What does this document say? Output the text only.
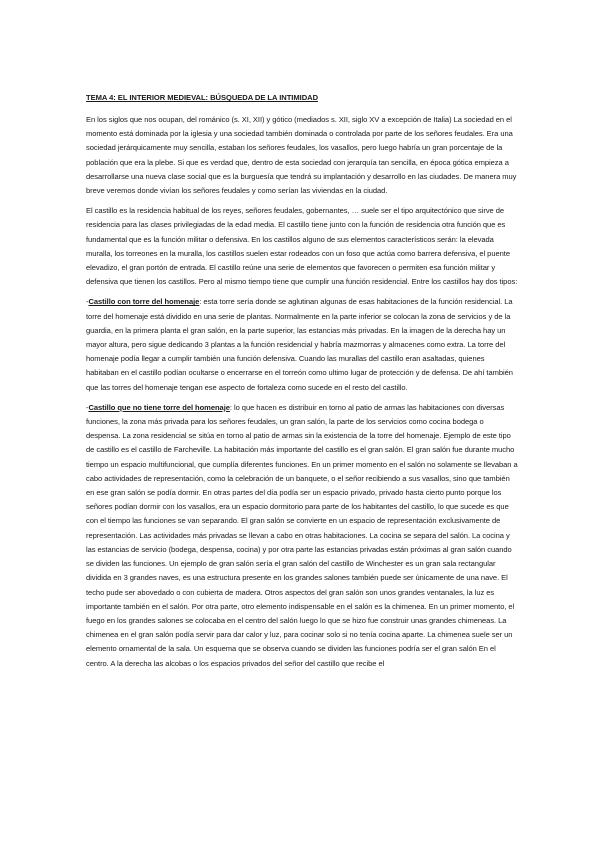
TEMA 4: EL INTERIOR MEDIEVAL: BÚSQUEDA DE LA INTIMIDAD

En los siglos que nos ocupan, del románico (s. XI, XII) y gótico (mediados s. XII, siglo XV a excepción de Italia) La sociedad en el momento está dominada por la iglesia y una sociedad también dominada o controlada por parte de los señores feudales. Era una sociedad jerárquicamente muy sencilla, estaban los señores feudales, los vasallos, pero luego habría un gran porcentaje de la población que era la plebe. Si que es verdad que, dentro de esta sociedad con jerarquía tan sencilla, en época gótica empieza a desarrollarse una nueva clase social que es la burguesía que tendrá su implantación y desarrollo en las ciudades. De manera muy breve veremos donde vivían los señores feudales y como serían las viviendas en la ciudad.

El castillo es la residencia habitual de los reyes, señores feudales, gobernantes, … suele ser el tipo arquitectónico que sirve de residencia para las clases privilegiadas de la edad media. El castillo tiene junto con la función de residencia otra función que es fundamental que es la función militar o defensiva. En los castillos alguno de sus elementos característicos serán: la elevada muralla, los torreones en la muralla, los castillos suelen estar rodeados con un foso que actúa como barrera defensiva, el puente elevadizo, el gran portón de entrada. El castillo reúne una serie de elementos que favorecen o permiten esa función militar y defensiva que tienen los castillos. Pero al mismo tiempo tiene que cumplir una función residencial. Entre los castillos hay dos tipos:

-Castillo con torre del homenaje: esta torre sería donde se aglutinan algunas de esas habitaciones de la función residencial. La torre del homenaje está dividido en una serie de plantas. Normalmente en la parte inferior se colocan la zona de servicios y de la guardia, en la primera planta el gran salón, en la parte superior, las estancias más privadas. En la imagen de la derecha hay un mayor altura, pero sigue dedicando 3 plantas a la función residencial y habría mazmorras y almacenes como extra. La torre del homenaje podía llegar a cumplir también una función defensiva. Cuando las murallas del castillo eran asaltadas, quienes habitaban en el castillo podían ocultarse o encerrarse en el torreón como ultimo lugar de protección y de defensa. De ahí también que las torres del homenaje tengan ese aspecto de fortaleza como sucede en el resto del castillo.

-Castillo que no tiene torre del homenaje: lo que hacen es distribuir en torno al patio de armas las habitaciones con diversas funciones, la zona más privada para los señores feudales, un gran salón, la parte de los servicios como cocina bodega o despensa. La zona residencial se sitúa en torno al patio de armas sin la existencia de la torre del homenaje. Ejemplo de este tipo de castillo es el castillo de Farcheville. La habitación más importante del castillo es el gran salón. El gran salón fue durante mucho tiempo un espacio multifuncional, que cumplía diferentes funciones. En un primer momento en el salón no solamente se llevaban a cabo actividades de representación, como la celebración de un banquete, o el señor recibiendo a sus vasallos, sino que también en ese gran salón se podía dormir. En otras partes del día podía ser un espacio privado, privado hasta cierto punto porque los señores podían dormir con los vasallos, era un espacio dormitorio para parte de los habitantes del castillo, lo que sucede es que con el tiempo las funciones se van separando. El gran salón se convierte en un espacio de representación exclusivamente de representación. Las actividades más privadas se llevan a cabo en otras habitaciones. La cocina se separa del salón. La cocina y las estancias de servicio (bodega, despensa, cocina) y por otra parte las estancias privadas están próximas al gran salón cuando se dividen las funciones. Un ejemplo de gran salón sería el gran salón del castillo de Winchester es un gran sala rectangular dividida en 3 grandes naves, es una estructura presente en los grandes salones también puede ser únicamente de una nave. El techo pude ser abovedado o con cubierta de madera. Otros aspectos del gran salón son unos grandes ventanales, la luz es importante también en el salón. Por otra parte, otro elemento indispensable en el salón es la chimenea. En un primer momento, el fuego en los grandes salones se colocaba en el centro del salón luego lo que se hizo fue construir unas grandes chimeneas. La chimenea en el gran salón podía servir para dar calor y luz, para cocinar solo si no tenía cocina aparte. La chimenea suele ser un elemento ornamental de la sala. Un esquema que se observa cuando se dividen las funciones podría ser el gran salón En el centro. A la derecha las alcobas o los espacios privados del señor del castillo que recibe el
